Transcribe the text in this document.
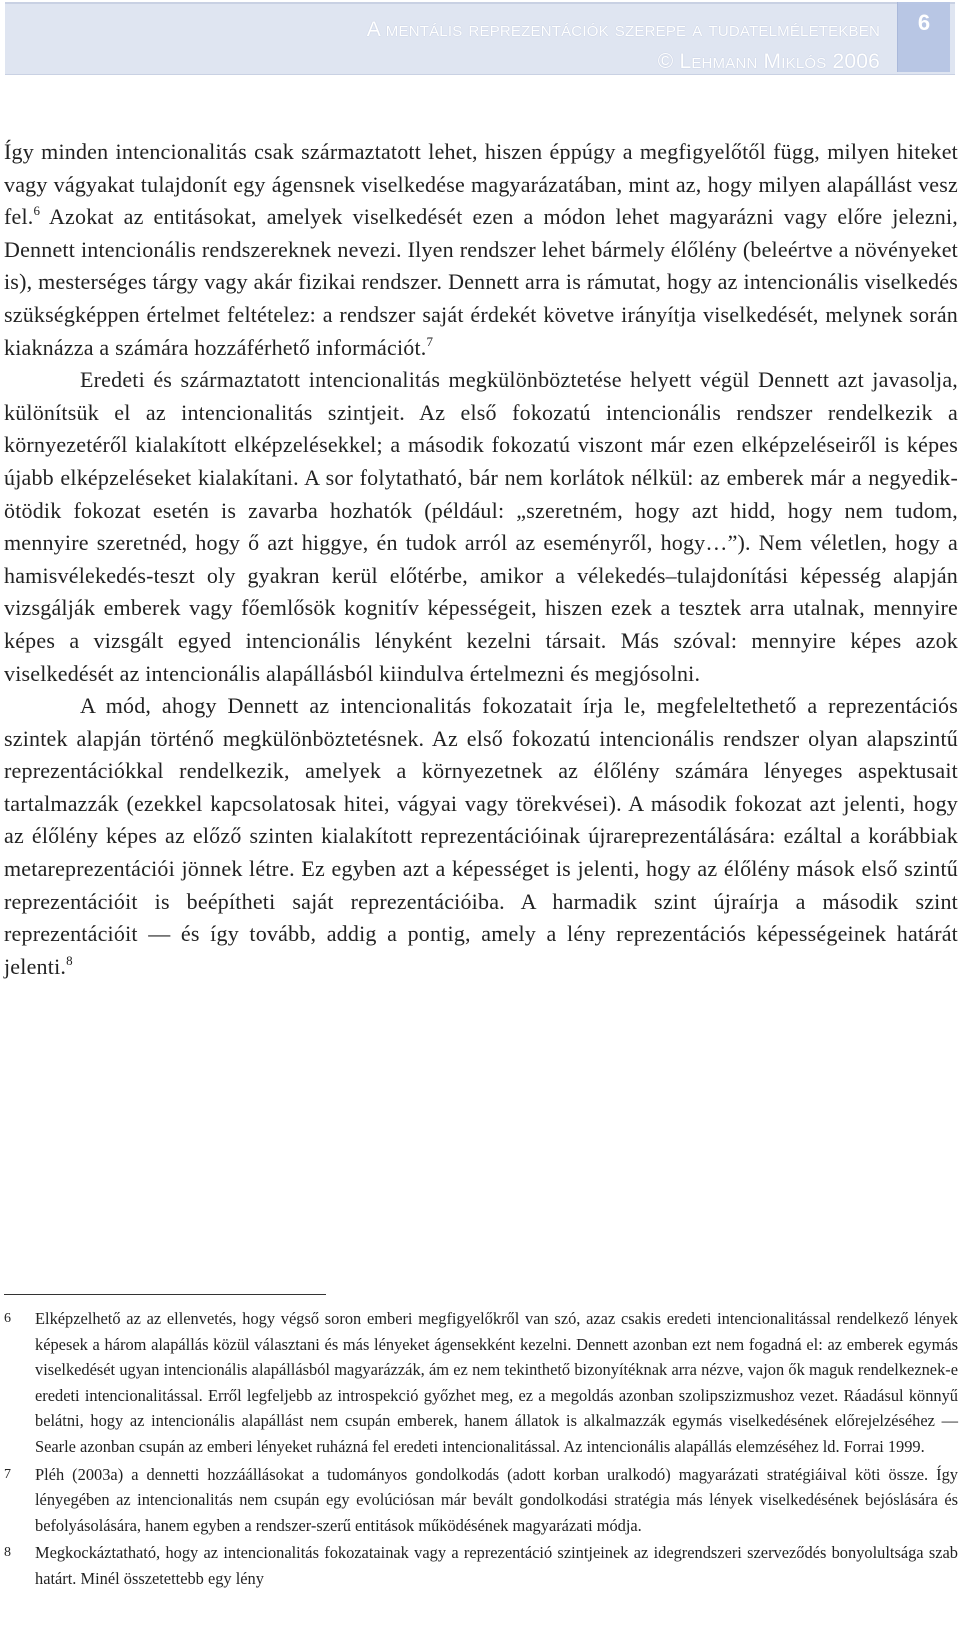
A mentális reprezentációk szerepe a tudatelméletekben
© Lehmann Miklós 2006
6

Így minden intencionalitás csak származtatott lehet, hiszen éppúgy a megfigyelőtől függ, milyen hiteket vagy vágyakat tulajdonít egy ágensnek viselkedése magyarázatában, mint az, hogy milyen alapállást vesz fel.$^6$ Azokat az entitásokat, amelyek viselkedését ezen a módon lehet magyarázni vagy előre jelezni, Dennett intencionális rendszereknek nevezi. Ilyen rendszer lehet bármely élőlény (beleértve a növényeket is), mesterséges tárgy vagy akár fizikai rendszer. Dennett arra is rámutat, hogy az intencionális viselkedés szükségképpen értelmet feltételez: a rendszer saját érdekét követve irányítja viselkedését, melynek során kiaknázza a számára hozzáférhető információt.$^7$

Eredeti és származtatott intencionalitás megkülönböztetése helyett végül Dennett azt javasolja, különítsük el az intencionalitás szintjeit. Az első fokozatú intencionális rendszer rendelkezik a környezetéről kialakított elképzelésekkel; a második fokozatú viszont már ezen elképzeléseiről is képes újabb elképzeléseket kialakítani. A sor folytatható, bár nem korlátok nélkül: az emberek már a negyedik-ötödik fokozat esetén is zavarba hozhatók (például: „szeretném, hogy azt hidd, hogy nem tudom, mennyire szeretnéd, hogy ő azt higgye, én tudok arról az eseményről, hogy…”). Nem véletlen, hogy a hamisvélekedés-teszt oly gyakran kerül előtérbe, amikor a vélekedés–tulajdonítási képesség alapján vizsgálják emberek vagy főemlősök kognitív képességeit, hiszen ezek a tesztek arra utalnak, mennyire képes a vizsgált egyed intencionális lényként kezelni társait. Más szóval: mennyire képes azok viselkedését az intencionális alapállásból kiindulva értelmezni és megjósolni.

A mód, ahogy Dennett az intencionalitás fokozatait írja le, megfeleltethető a reprezentációs szintek alapján történő megkülönböztetésnek. Az első fokozatú intencionális rendszer olyan alapszintű reprezentációkkal rendelkezik, amelyek a környezetnek az élőlény számára lényeges aspektusait tartalmazzák (ezekkel kapcsolatosak hitei, vágyai vagy törekvései). A második fokozat azt jelenti, hogy az élőlény képes az előző szinten kialakított reprezentációinak újrareprezentálására: ezáltal a korábbiak metareprezentációi jönnek létre. Ez egyben azt a képességet is jelenti, hogy az élőlény mások első szintű reprezentációit is beépítheti saját reprezentációiba. A harmadik szint újraírja a második szint reprezentációit — és így tovább, addig a pontig, amely a lény reprezentációs képességeinek határát jelenti.$^8$

6	Elképzelhető az az ellenvetés, hogy végső soron emberi megfigyelőkről van szó, azaz csakis eredeti intencionalitással rendelkező lények képesek a három alapállás közül választani és más lényeket ágensekként kezelni. Dennett azonban ezt nem fogadná el: az emberek egymás viselkedését ugyan intencionális alapállásból magyarázzák, ám ez nem tekinthető bizonyítéknak arra nézve, vajon ők maguk rendelkeznek-e eredeti intencionalitással. Erről legfeljebb az introspekció győzhet meg, ez a megoldás azonban szolipszizmushoz vezet. Ráadásul könnyű belátni, hogy az intencionális alapállást nem csupán emberek, hanem állatok is alkalmazzák egymás viselkedésének előrejelzéséhez — Searle azonban csupán az emberi lényeket ruházná fel eredeti intencionalitással. Az intencionális alapállás elemzéséhez ld. Forrai 1999.
7	Pléh (2003a) a dennetti hozzáállásokat a tudományos gondolkodás (adott korban uralkodó) magyarázati stratégiáival köti össze. Így lényegében az intencionalitás nem csupán egy evolúciósan már bevált gondolkodási stratégia más lények viselkedésének bejóslására és befolyásolására, hanem egyben a rendszer-szerű entitások működésének magyarázati módja.
8	Megkockáztatható, hogy az intencionalitás fokozatainak vagy a reprezentáció szintjeinek az idegrendszeri szerveződés bonyolultsága szab határt. Minél összetettebb egy lény
